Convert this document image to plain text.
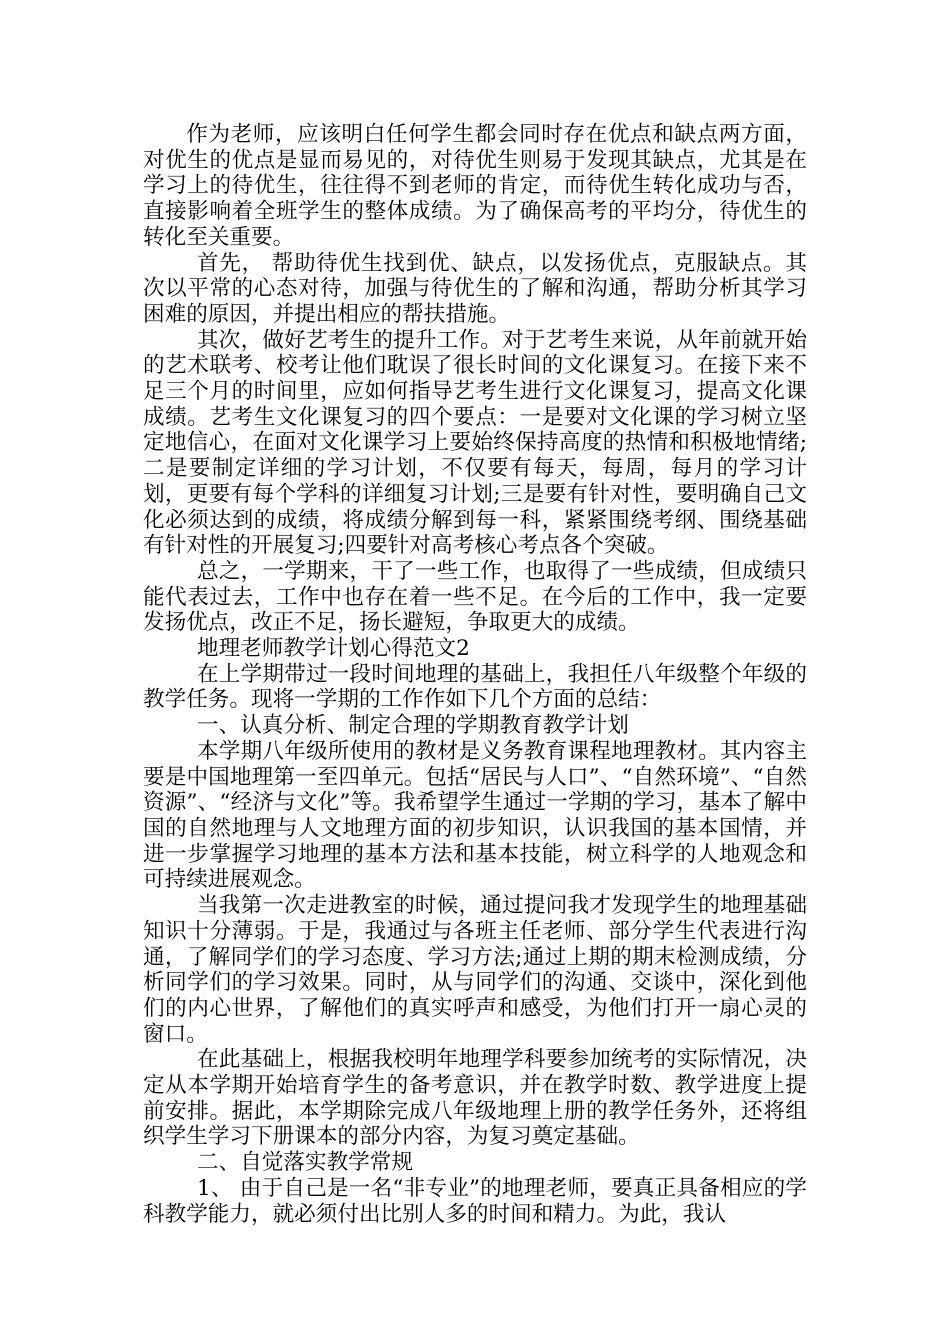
作为老师，应该明白任何学生都会同时存在优点和缺点两方面，对优生的优点是显而易见的，对待优生则易于发现其缺点，尤其是在学习上的待优生，往往得不到老师的肯定，而待优生转化成功与否，直接影响着全班学生的整体成绩。为了确保高考的平均分，待优生的转化至关重要。

首先， 帮助待优生找到优、缺点，以发扬优点，克服缺点。其次以平常的心态对待，加强与待优生的了解和沟通，帮助分析其学习困难的原因，并提出相应的帮扶措施。

其次，做好艺考生的提升工作。对于艺考生来说，从年前就开始的艺术联考、校考让他们耽误了很长时间的文化课复习。在接下来不足三个月的时间里，应如何指导艺考生进行文化课复习，提高文化课成绩。艺考生文化课复习的四个要点：一是要对文化课的学习树立坚定地信心，在面对文化课学习上要始终保持高度的热情和积极地情绪;二是要制定详细的学习计划，不仅要有每天，每周，每月的学习计划，更要有每个学科的详细复习计划;三是要有针对性，要明确自己文化必须达到的成绩，将成绩分解到每一科，紧紧围绕考纲、围绕基础有针对性的开展复习;四要针对高考核心考点各个突破。

总之，一学期来，干了一些工作，也取得了一些成绩，但成绩只能代表过去，工作中也存在着一些不足。在今后的工作中，我一定要发扬优点，改正不足，扬长避短，争取更大的成绩。

地理老师教学计划心得范文2

在上学期带过一段时间地理的基础上，我担任八年级整个年级的教学任务。现将一学期的工作作如下几个方面的总结：

一、认真分析、制定合理的学期教育教学计划

本学期八年级所使用的教材是义务教育课程地理教材。其内容主要是中国地理第一至四单元。包括“居民与人口”、“自然环境”、“自然资源”、“经济与文化”等。我希望学生通过一学期的学习，基本了解中国的自然地理与人文地理方面的初步知识，认识我国的基本国情，并进一步掌握学习地理的基本方法和基本技能，树立科学的人地观念和可持续进展观念。

当我第一次走进教室的时候，通过提问我才发现学生的地理基础知识十分薄弱。于是，我通过与各班主任老师、部分学生代表进行沟通，了解同学们的学习态度、学习方法;通过上期的期末检测成绩，分析同学们的学习效果。同时，从与同学们的沟通、交谈中，深化到他们的内心世界，了解他们的真实呼声和感受，为他们打开一扇心灵的窗口。

在此基础上，根据我校明年地理学科要参加统考的实际情况，决定从本学期开始培育学生的备考意识，并在教学时数、教学进度上提前安排。据此，本学期除完成八年级地理上册的教学任务外，还将组织学生学习下册课本的部分内容，为复习奠定基础。

二、自觉落实教学常规

1、 由于自己是一名“非专业”的地理老师，要真正具备相应的学科教学能力，就必须付出比别人多的时间和精力。为此，我认
